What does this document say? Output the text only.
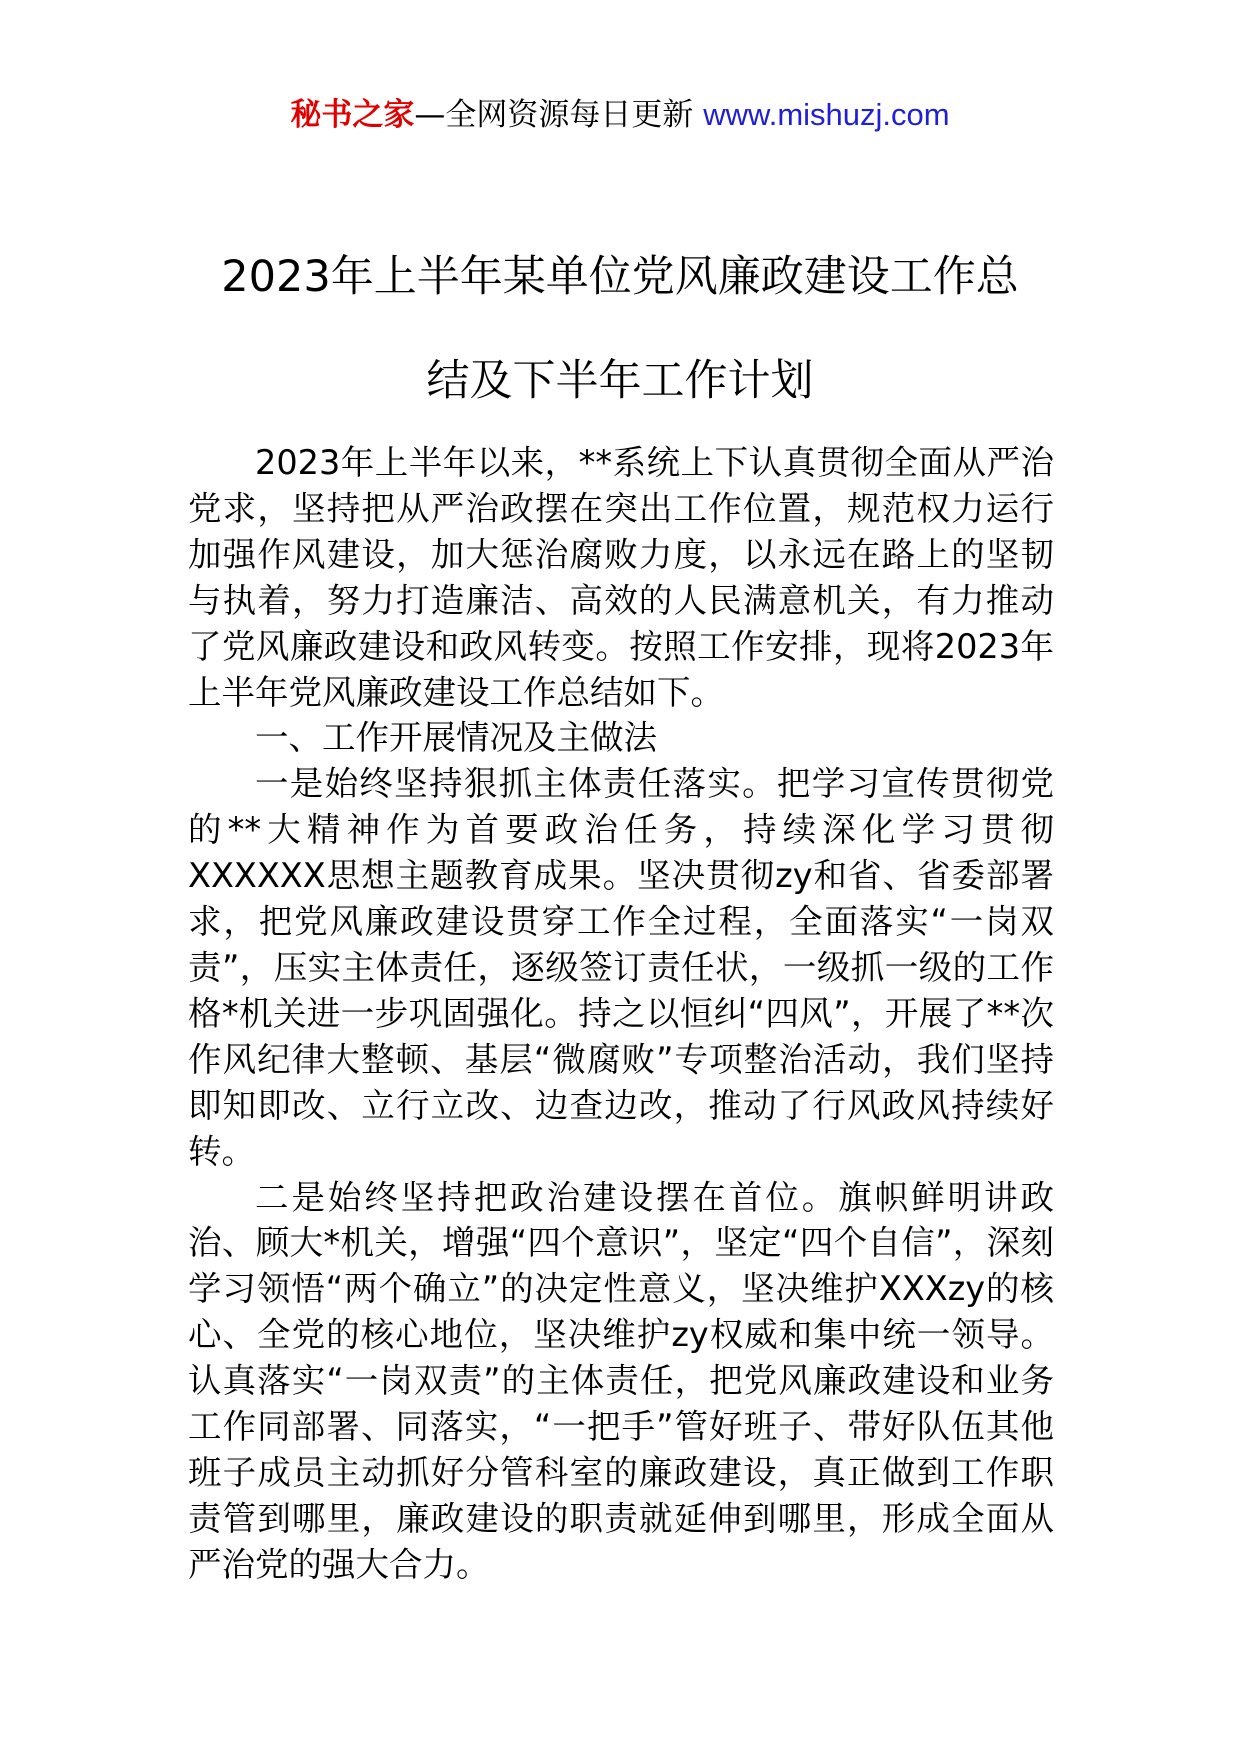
秘书之家—全网资源每日更新 www.mishuzj.com
2023年上半年某单位党风廉政建设工作总
结及下半年工作计划

2023年上半年以来，**系统上下认真贯彻全面从严治党求，坚持把从严治政摆在突出工作位置，规范权力运行加强作风建设，加大惩治腐败力度，以永远在路上的坚韧与执着，努力打造廉洁、高效的人民满意机关，有力推动了党风廉政建设和政风转变。按照工作安排，现将2023年上半年党风廉政建设工作总结如下。

一、工作开展情况及主做法

一是始终坚持狠抓主体责任落实。把学习宣传贯彻党的**大精神作为首要政治任务，持续深化学习贯彻XXXXXX思想主题教育成果。坚决贯彻zy和省、省委部署求，把党风廉政建设贯穿工作全过程，全面落实“一岗双责”，压实主体责任，逐级签订责任状，一级抓一级的工作格*机关进一步巩固强化。持之以恒纠“四风”，开展了**次作风纪律大整顿、基层“微腐败”专项整治活动，我们坚持即知即改、立行立改、边查边改，推动了行风政风持续好转。

二是始终坚持把政治建设摆在首位。旗帜鲜明讲政治、顾大*机关，增强“四个意识”，坚定“四个自信”，深刻学习领悟“两个确立”的决定性意义，坚决维护XXXzy的核心、全党的核心地位，坚决维护zy权威和集中统一领导。认真落实“一岗双责”的主体责任，把党风廉政建设和业务工作同部署、同落实，“一把手”管好班子、带好队伍其他班子成员主动抓好分管科室的廉政建设，真正做到工作职责管到哪里，廉政建设的职责就延伸到哪里，形成全面从严治党的强大合力。
